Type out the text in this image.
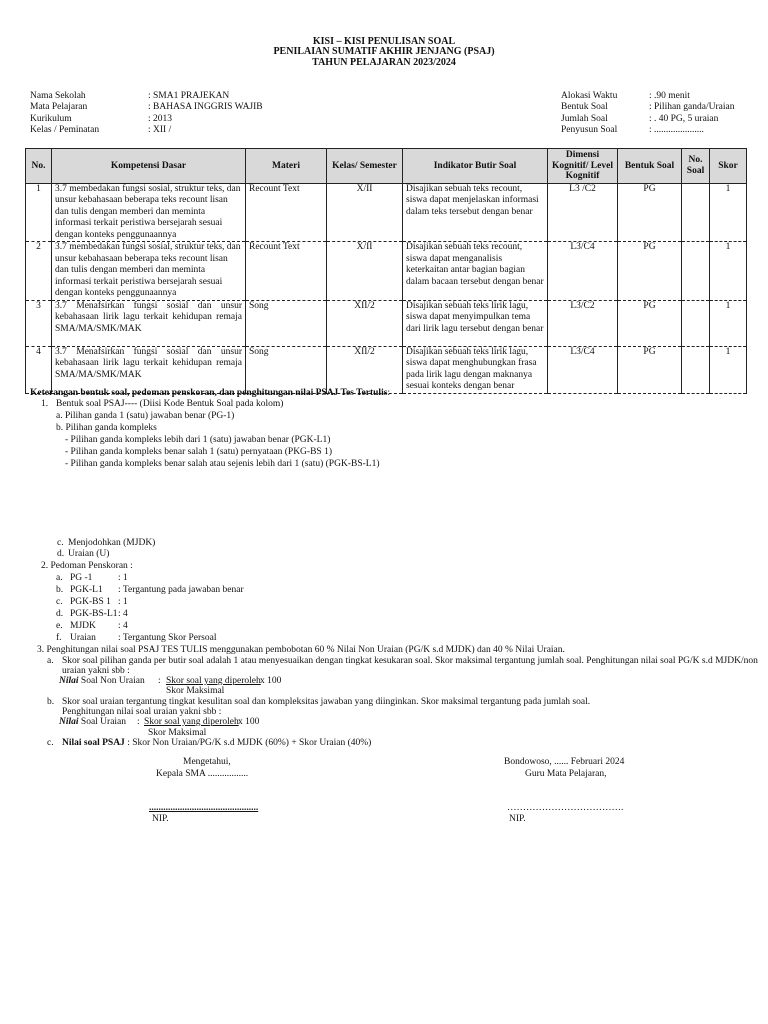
KISI – KISI PENULISAN SOAL
PENILAIAN SUMATIF AKHIR JENJANG (PSAJ)
TAHUN PELAJARAN 2023/2024
Nama Sekolah	: SMA1 PRAJEKAN
Mata Pelajaran	: BAHASA INGGRIS WAJIB
Kurikulum	: 2013
Kelas / Peminatan	: XII /
Alokasi Waktu	: .90 menit
Bentuk Soal	: Pilihan ganda/Uraian
Jumlah Soal	: . 40 PG, 5 uraian
Penyusun Soal	: .....................
No.	Kompetensi Dasar	Materi	Kelas/ Semester	Indikator Butir Soal	Dimensi Kognitif/ Level Kognitif	Bentuk Soal	No. Soal	Skor
1	3.7 membedakan fungsi sosial, struktur teks, dan unsur kebahasaan beberapa teks recount lisan dan tulis dengan memberi dan meminta informasi terkait peristiwa bersejarah sesuai dengan konteks penggunaannya	Recount Text	X/II	Disajikan sebuah teks recount, siswa dapat menjelaskan informasi dalam teks tersebut dengan benar	L3 /C2	PG		1
2	3.7 membedakan fungsi sosial, struktur teks, dan unsur kebahasaan beberapa teks recount lisan dan tulis dengan memberi dan meminta informasi terkait peristiwa bersejarah sesuai dengan konteks penggunaannya	Recount Text	X/II	Disajikan sebuah teks recount, siswa dapat menganalisis keterkaitan antar bagian bagian dalam bacaan tersebut dengan benar	L3/C4	PG		1
3	3.7 Menafsirkan fungsi sosial dan unsur kebahasaan lirik lagu terkait kehidupan remaja SMA/MA/SMK/MAK	Song	XII/2	Disajikan sebuah teks lirik lagu, siswa dapat menyimpulkan tema dari lirik lagu tersebut dengan benar	L3/C2	PG		1
4	3.7 Menafsirkan fungsi sosial dan unsur kebahasaan lirik lagu terkait kehidupan remaja SMA/MA/SMK/MAK	Song	XII/2	Disajikan sebuah teks lirik lagu, siswa dapat menghubungkan frasa pada lirik lagu dengan maknanya sesuai konteks dengan benar	L3/C4	PG		1
Keterangan bentuk soal, pedoman penskoran, dan penghitungan nilai PSAJ Tes Tertulis:
1. Bentuk soal PSAJ---- (Diisi Kode Bentuk Soal pada kolom)
a. Pilihan ganda 1 (satu) jawaban benar (PG-1)
b. Pilihan ganda kompleks
- Pilihan ganda kompleks lebih dari 1 (satu) jawaban benar (PGK-L1)
- Pilihan ganda kompleks benar salah 1 (satu) pernyataan (PKG-BS 1)
- Pilihan ganda kompleks benar salah atau sejenis lebih dari 1 (satu) (PGK-BS-L1)
c. Menjodohkan (MJDK)
d. Uraian (U)
2. Pedoman Penskoran :
a. PG -1	: 1
b. PGK-L1 : Tergantung pada jawaban benar
c. PGK-BS 1 : 1
d. PGK-BS-L1 : 4
e. MJDK : 4
f. Uraian : Tergantung Skor Persoal
3. Penghitungan nilai soal PSAJ TES TULIS menggunakan pembobotan 60 % Nilai Non Uraian (PG/K s.d MJDK) dan 40 % Nilai Uraian.
a. Skor soal pilihan ganda per butir soal adalah 1 atau menyesuaikan dengan tingkat kesukaran soal. Skor maksimal tergantung jumlah soal. Penghitungan nilai soal PG/K s.d MJDK/non
uraian yakni sbb :
Nilai Soal Non Uraian : Skor soal yang diperoleh x 100
Skor Maksimal
b. Skor soal uraian tergantung tingkat kesulitan soal dan kompleksitas jawaban yang diinginkan. Skor maksimal tergantung pada jumlah soal.
Penghitungan nilai soal uraian yakni sbb :
Nilai Soal Uraian : Skor soal yang diperoleh x 100
Skor Maksimal
c. Nilai soal PSAJ : Skor Non Uraian/PG/K s.d MJDK (60%) + Skor Uraian (40%)
Mengetahui,
Kepala SMA .................
..............................................
NIP.
Bondowoso, ...... Februari 2024
Guru Mata Pelajaran,
……………………………….
NIP.
